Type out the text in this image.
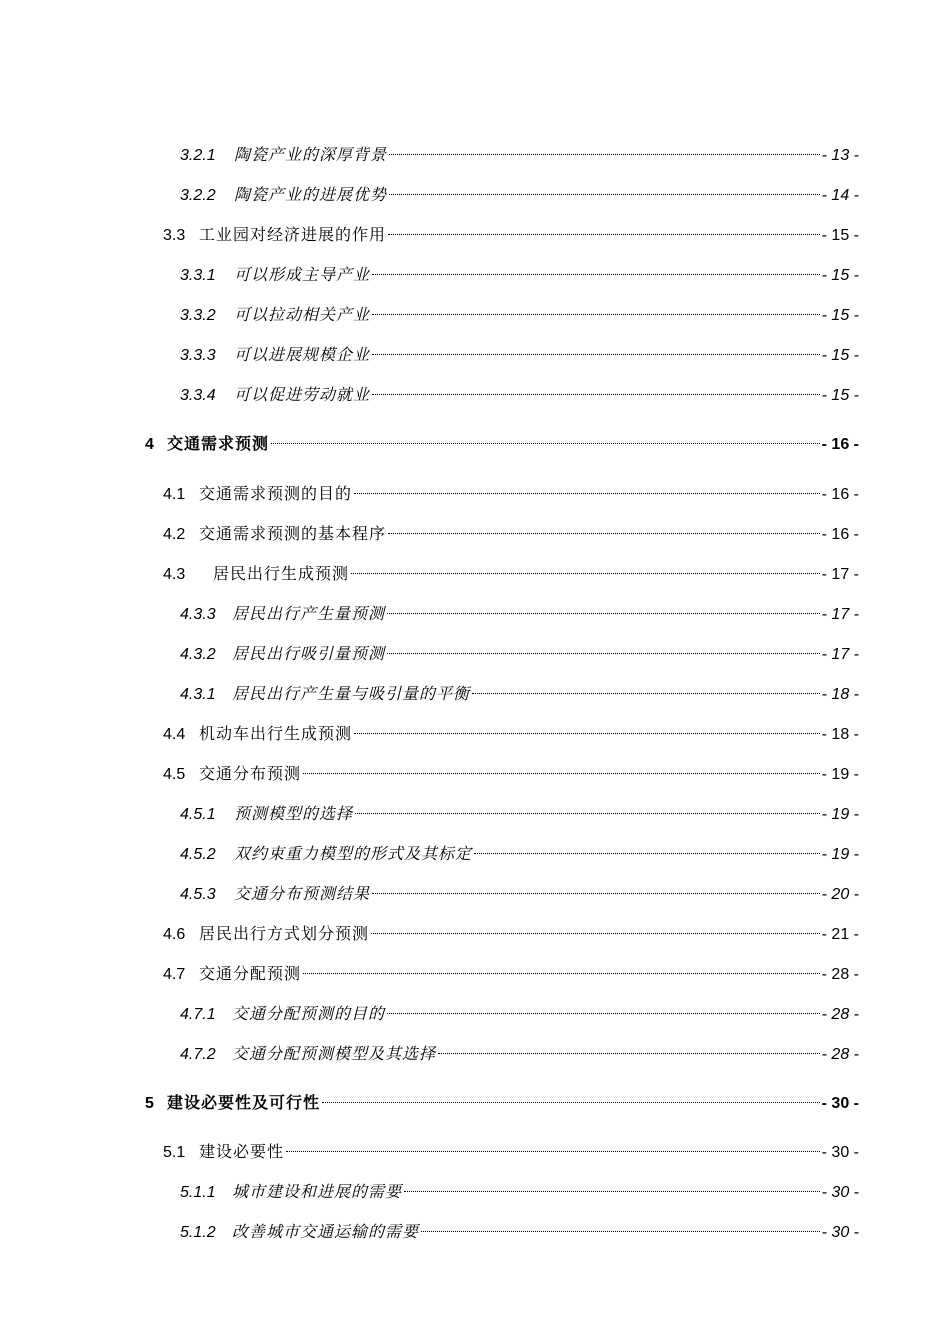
3.2.1	陶瓷产业的深厚背景	- 13 -
3.2.2	陶瓷产业的进展优势	- 14 -
3.3 工业园对经济进展的作用	- 15 -
3.3.1	可以形成主导产业	- 15 -
3.3.2	可以拉动相关产业	- 15 -
3.3.3	可以进展规模企业	- 15 -
3.3.4	可以促进劳动就业	- 15 -
4 交通需求预测	- 16 -
4.1 交通需求预测的目的	- 16 -
4.2 交通需求预测的基本程序	- 16 -
4.3	居民出行生成预测	- 17 -
4.3.3	居民出行产生量预测	- 17 -
4.3.2	居民出行吸引量预测	- 17 -
4.3.1	居民出行产生量与吸引量的平衡	- 18 -
4.4 机动车出行生成预测	- 18 -
4.5 交通分布预测	- 19 -
4.5.1	预测模型的选择	- 19 -
4.5.2	双约束重力模型的形式及其标定	- 19 -
4.5.3	交通分布预测结果	- 20 -
4.6 居民出行方式划分预测	- 21 -
4.7 交通分配预测	- 28 -
4.7.1	交通分配预测的目的	- 28 -
4.7.2	交通分配预测模型及其选择	- 28 -
5 建设必要性及可行性	- 30 -
5.1 建设必要性	- 30 -
5.1.1	城市建设和进展的需要	- 30 -
5.1.2	改善城市交通运输的需要	- 30 -
